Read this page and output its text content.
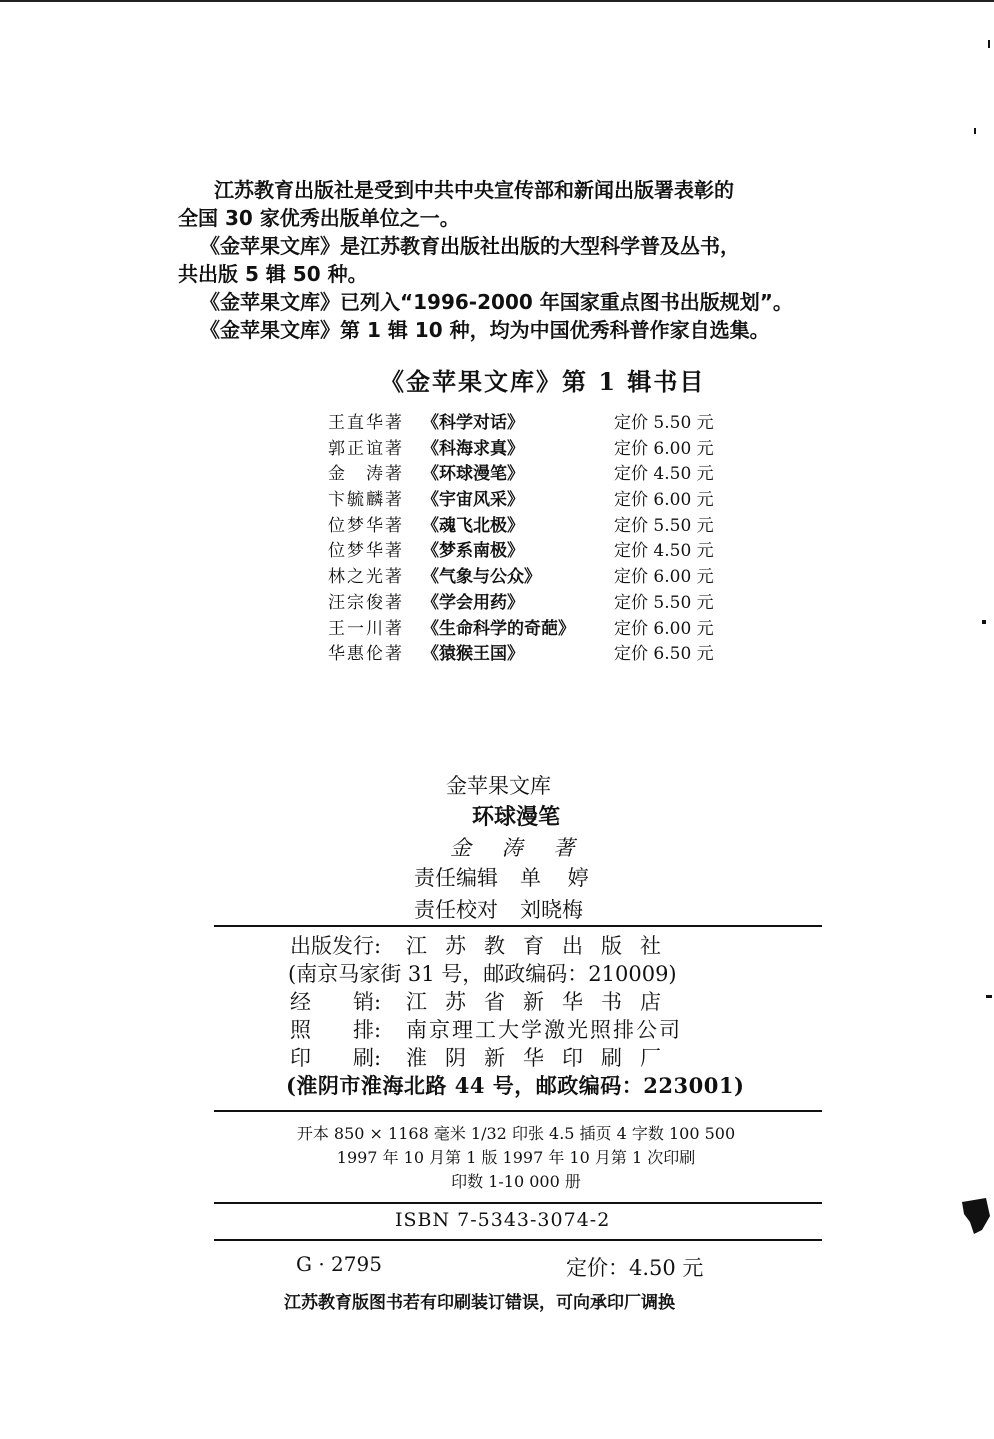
江苏教育出版社是受到中共中央宣传部和新闻出版署表彰的

全国 30 家优秀出版单位之一。

《金苹果文库》是江苏教育出版社出版的大型科学普及丛书，

共出版 5 辑 50 种。

《金苹果文库》已列入“1996-2000 年国家重点图书出版规划”。

《金苹果文库》第 1 辑 10 种，均为中国优秀科普作家自选集。

《金苹果文库》第 1 辑书目
王直华著 《科学对话》	定价 5.50 元
郭正谊著 《科海求真》	定价 6.00 元
金　涛著 《环球漫笔》	定价 4.50 元
卞毓麟著 《宇宙风采》	定价 6.00 元
位梦华著 《魂飞北极》	定价 5.50 元
位梦华著 《梦系南极》	定价 4.50 元
林之光著 《气象与公众》	定价 6.00 元
汪宗俊著 《学会用药》	定价 5.50 元
王一川著 《生命科学的奇葩》 定价 6.00 元
华惠伦著 《猿猴王国》	定价 6.50 元
金苹果文库
环球漫笔
金 涛 著
责任编辑 单 婷
责任校对 刘晓梅
出版发行: 江苏教育出版社
(南京马家街 31 号，邮政编码：210009)
经　　销: 江苏省新华书店
照　　排: 南京理工大学激光照排公司
印　　刷: 淮阴新华印刷厂
(淮阴市淮海北路 44 号，邮政编码：223001)
开本 850 × 1168 毫米 1/32 印张 4.5 插页 4 字数 100 500
1997 年 10 月第 1 版 1997 年 10 月第 1 次印刷
印数 1-10 000 册
ISBN 7-5343-3074-2
G · 2795	定价：4.50 元
江苏教育版图书若有印刷装订错误，可向承印厂调换
